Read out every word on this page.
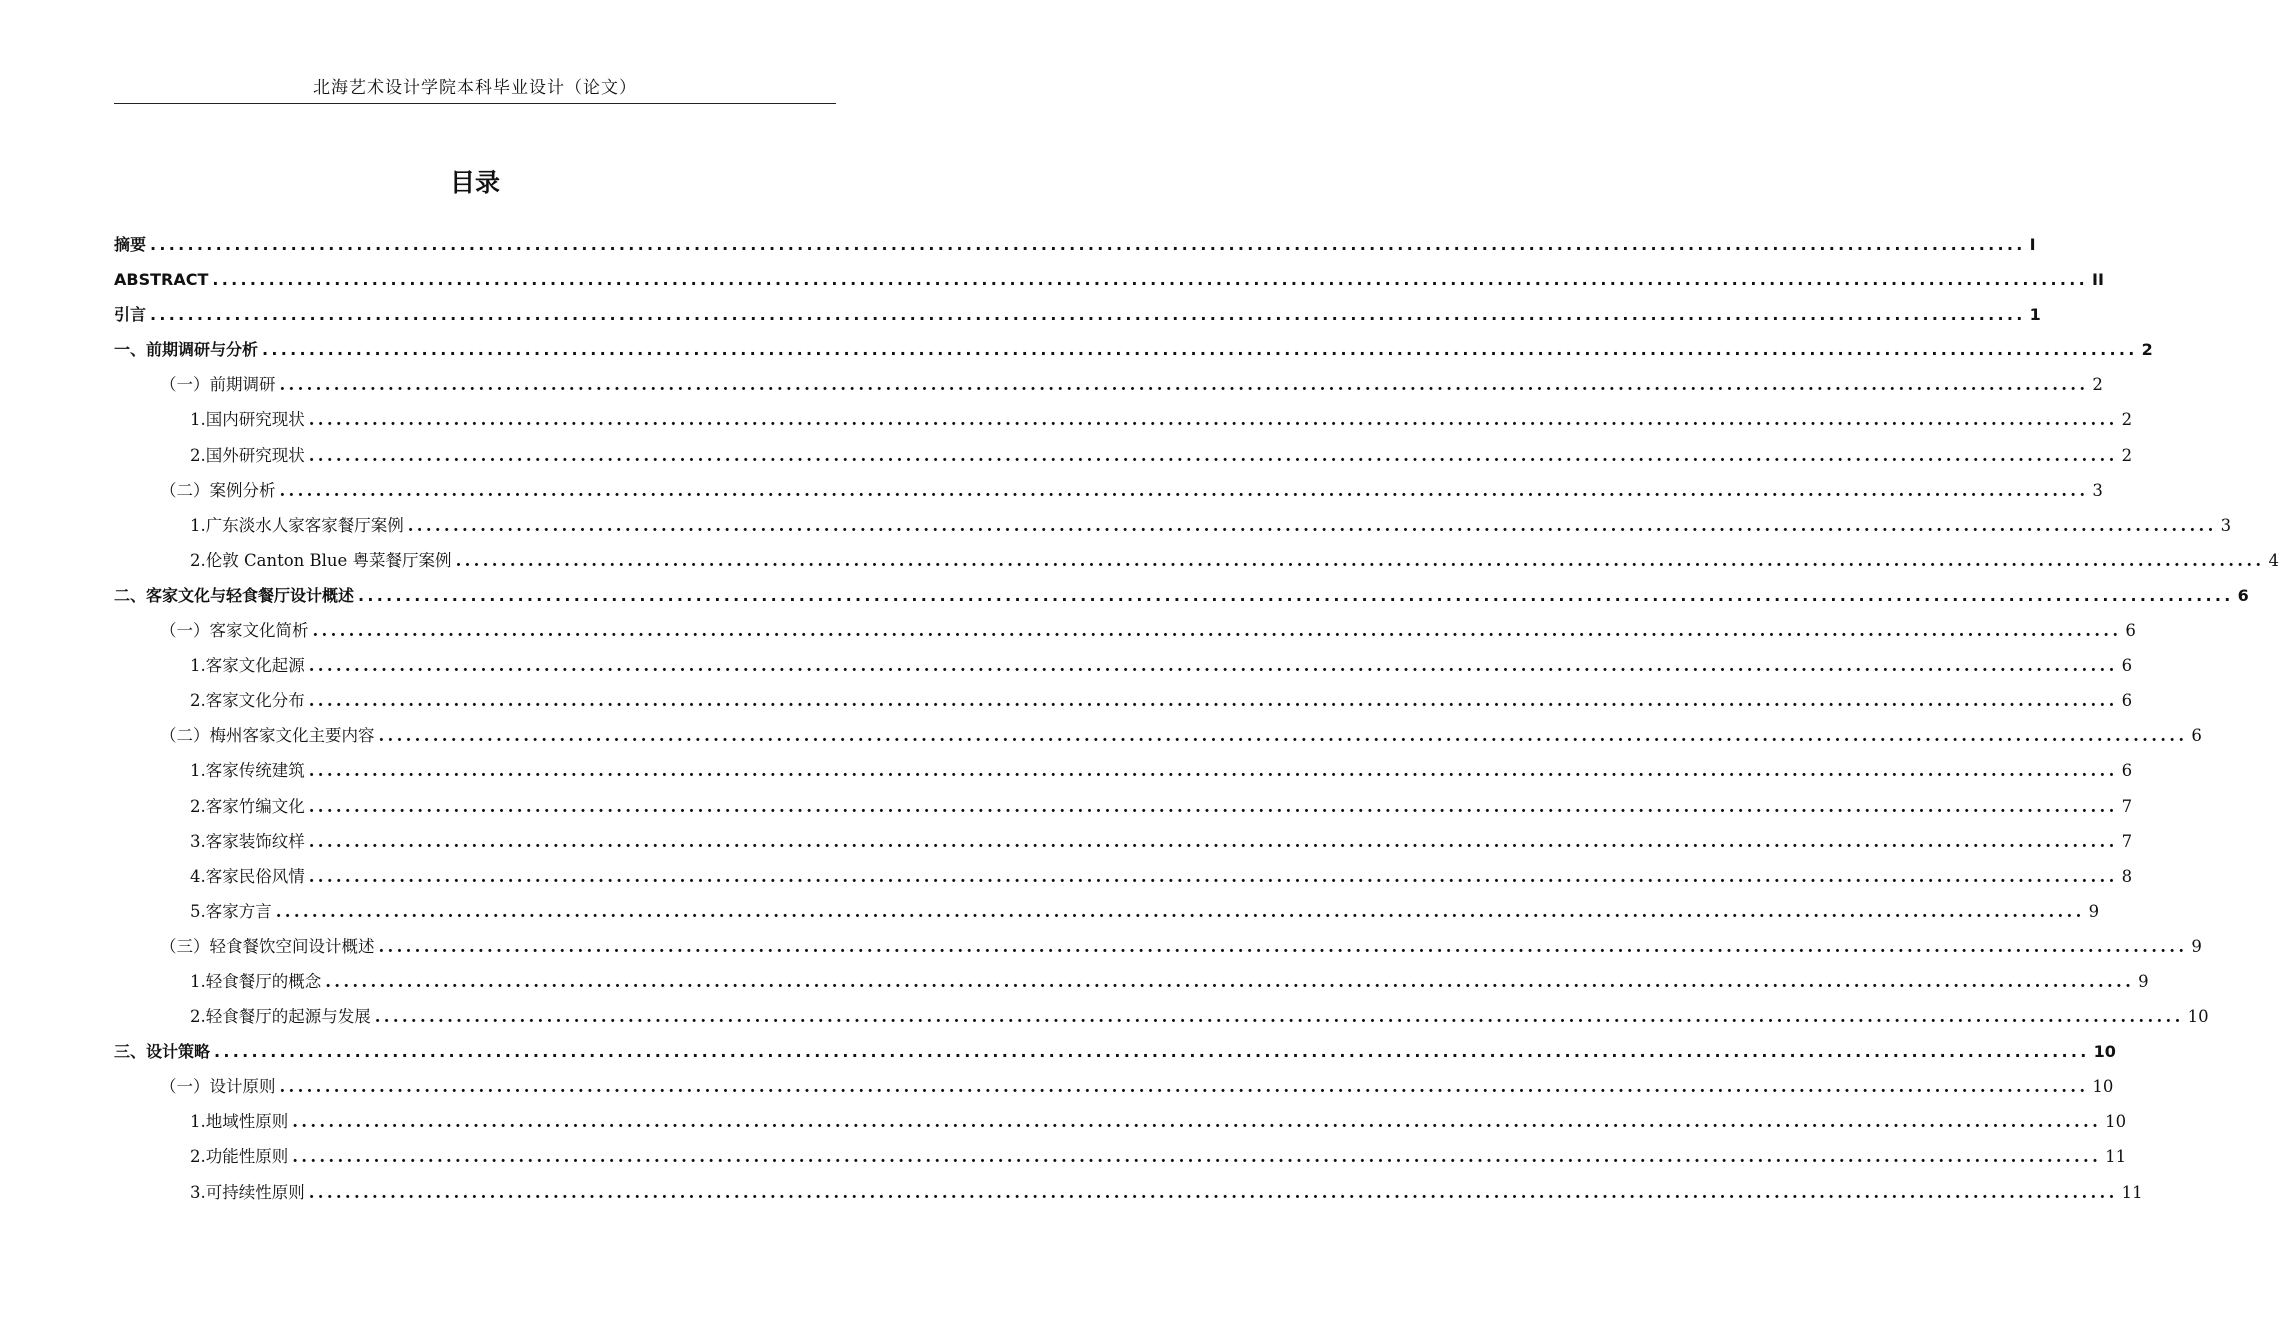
北海艺术设计学院本科毕业设计（论文）
目录
摘要 ........................................................................................................................................................................................................ I
ABSTRACT ........................................................................................................................................................................................................ II
引言 ........................................................................................................................................................................................................ 1
一、前期调研与分析 ........................................................................................................................................................................................................ 2
（一）前期调研 ........................................................................................................................................................................................................ 2
1.国内研究现状 ........................................................................................................................................................................................................ 2
2.国外研究现状 ........................................................................................................................................................................................................ 2
（二）案例分析 ........................................................................................................................................................................................................ 3
1.广东淡水人家客家餐厅案例 ........................................................................................................................................................................................................ 3
2.伦敦 Canton Blue 粤菜餐厅案例 ........................................................................................................................................................................................................ 4
二、客家文化与轻食餐厅设计概述 ........................................................................................................................................................................................................ 6
（一）客家文化简析 ........................................................................................................................................................................................................ 6
1.客家文化起源 ........................................................................................................................................................................................................ 6
2.客家文化分布 ........................................................................................................................................................................................................ 6
（二）梅州客家文化主要内容 ........................................................................................................................................................................................................ 6
1.客家传统建筑 ........................................................................................................................................................................................................ 6
2.客家竹编文化 ........................................................................................................................................................................................................ 7
3.客家装饰纹样 ........................................................................................................................................................................................................ 7
4.客家民俗风情 ........................................................................................................................................................................................................ 8
5.客家方言 ........................................................................................................................................................................................................ 9
（三）轻食餐饮空间设计概述 ........................................................................................................................................................................................................ 9
1.轻食餐厅的概念 ........................................................................................................................................................................................................ 9
2.轻食餐厅的起源与发展 ........................................................................................................................................................................................................ 10
三、设计策略 ........................................................................................................................................................................................................ 10
（一）设计原则 ........................................................................................................................................................................................................ 10
1.地域性原则 ........................................................................................................................................................................................................ 10
2.功能性原则 ........................................................................................................................................................................................................ 11
3.可持续性原则 ........................................................................................................................................................................................................ 11
